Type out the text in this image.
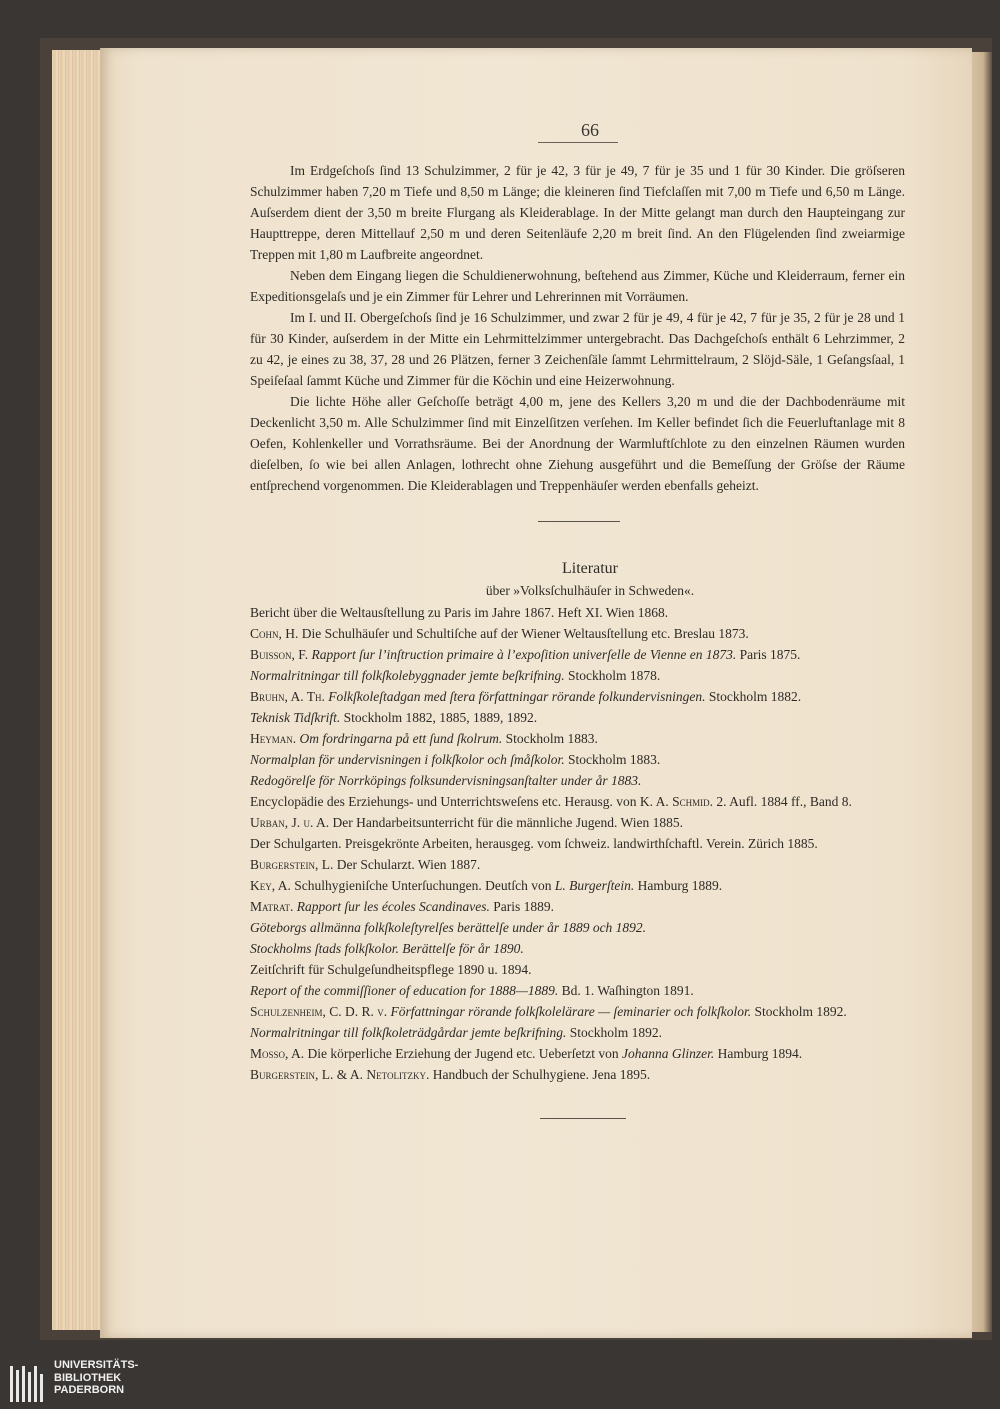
66

Im Erdgeſchoſs ſind 13 Schulzimmer, 2 für je 42, 3 für je 49, 7 für je 35 und 1 für 30 Kinder. Die gröſseren Schulzimmer haben 7,20 m Tiefe und 8,50 m Länge; die kleineren ſind Tiefclaſſen mit 7,00 m Tiefe und 6,50 m Länge. Auſserdem dient der 3,50 m breite Flurgang als Kleiderablage. In der Mitte gelangt man durch den Haupteingang zur Haupttreppe, deren Mittellauf 2,50 m und deren Seitenläufe 2,20 m breit ſind. An den Flügelenden ſind zweiarmige Treppen mit 1,80 m Laufbreite angeordnet.

Neben dem Eingang liegen die Schuldienerwohnung, beſtehend aus Zimmer, Küche und Kleiderraum, ferner ein Expeditionsgelaſs und je ein Zimmer für Lehrer und Lehrerinnen mit Vorräumen.

Im I. und II. Obergeſchoſs ſind je 16 Schulzimmer, und zwar 2 für je 49, 4 für je 42, 7 für je 35, 2 für je 28 und 1 für 30 Kinder, auſserdem in der Mitte ein Lehrmittelzimmer untergebracht. Das Dachgeſchoſs enthält 6 Lehrzimmer, 2 zu 42, je eines zu 38, 37, 28 und 26 Plätzen, ferner 3 Zeichenſäle ſammt Lehrmittelraum, 2 Slöjd-Säle, 1 Geſangsſaal, 1 Speiſeſaal ſammt Küche und Zimmer für die Köchin und eine Heizerwohnung.

Die lichte Höhe aller Geſchoſſe beträgt 4,00 m, jene des Kellers 3,20 m und die der Dachbodenräume mit Deckenlicht 3,50 m. Alle Schulzimmer ſind mit Einzelſitzen verſehen. Im Keller befindet ſich die Feuerluftanlage mit 8 Oefen, Kohlenkeller und Vorrathsräume. Bei der Anordnung der Warmluftſchlote zu den einzelnen Räumen wurden dieſelben, ſo wie bei allen Anlagen, lothrecht ohne Ziehung ausgeführt und die Bemeſſung der Gröſse der Räume entſprechend vorgenommen. Die Kleiderablagen und Treppenhäuſer werden ebenfalls geheizt.

Literatur
über »Volksſchulhäuſer in Schweden«.
Bericht über die Weltausſtellung zu Paris im Jahre 1867. Heft XI. Wien 1868.
Cohn, H. Die Schulhäuſer und Schultiſche auf der Wiener Weltausſtellung etc. Breslau 1873.
Buisson, F. Rapport ſur l’inſtruction primaire à l’expoſition univerſelle de Vienne en 1873. Paris 1875.
Normalritningar till folkſkolebyggnader jemte beſkrifning. Stockholm 1878.
Bruhn, A. Th. Folkſkoleſtadgan med ſtera författningar rörande folkundervisningen. Stockholm 1882.
Teknisk Tidſkrift. Stockholm 1882, 1885, 1889, 1892.
Heyman. Om fordringarna på ett ſund ſkolrum. Stockholm 1883.
Normalplan för undervisningen i folkſkolor och ſmåſkolor. Stockholm 1883.
Redogörelſe för Norrköpings folksundervisningsanſtalter under år 1883.
Encyclopädie des Erziehungs- und Unterrichtsweſens etc. Herausg. von K. A. Schmid. 2. Aufl. 1884 ff., Band 8.
Urban, J. u. A. Der Handarbeitsunterricht für die männliche Jugend. Wien 1885.
Der Schulgarten. Preisgekrönte Arbeiten, herausgeg. vom ſchweiz. landwirthſchaftl. Verein. Zürich 1885.
Burgerstein, L. Der Schularzt. Wien 1887.
Key, A. Schulhygieniſche Unterſuchungen. Deutſch von L. Burgerſtein. Hamburg 1889.
Matrat. Rapport ſur les écoles Scandinaves. Paris 1889.
Göteborgs allmänna folkſkoleſtyrelſes berättelſe under år 1889 och 1892.
Stockholms ſtads folkſkolor. Berättelſe för år 1890.
Zeitſchrift für Schulgeſundheitspflege 1890 u. 1894.
Report of the commiſſioner of education for 1888—1889. Bd. 1. Waſhington 1891.
Schulzenheim, C. D. R. v. Författningar rörande folkſkolelärare — ſeminarier och folkſkolor. Stockholm 1892.
Normalritningar till folkſkoleträdgårdar jemte beſkrifning. Stockholm 1892.
Mosso, A. Die körperliche Erziehung der Jugend etc. Ueberſetzt von Johanna Glinzer. Hamburg 1894.
Burgerstein, L. & A. Netolitzky. Handbuch der Schulhygiene. Jena 1895.
UNIVERSITÄTS-
BIBLIOTHEK
PADERBORN
